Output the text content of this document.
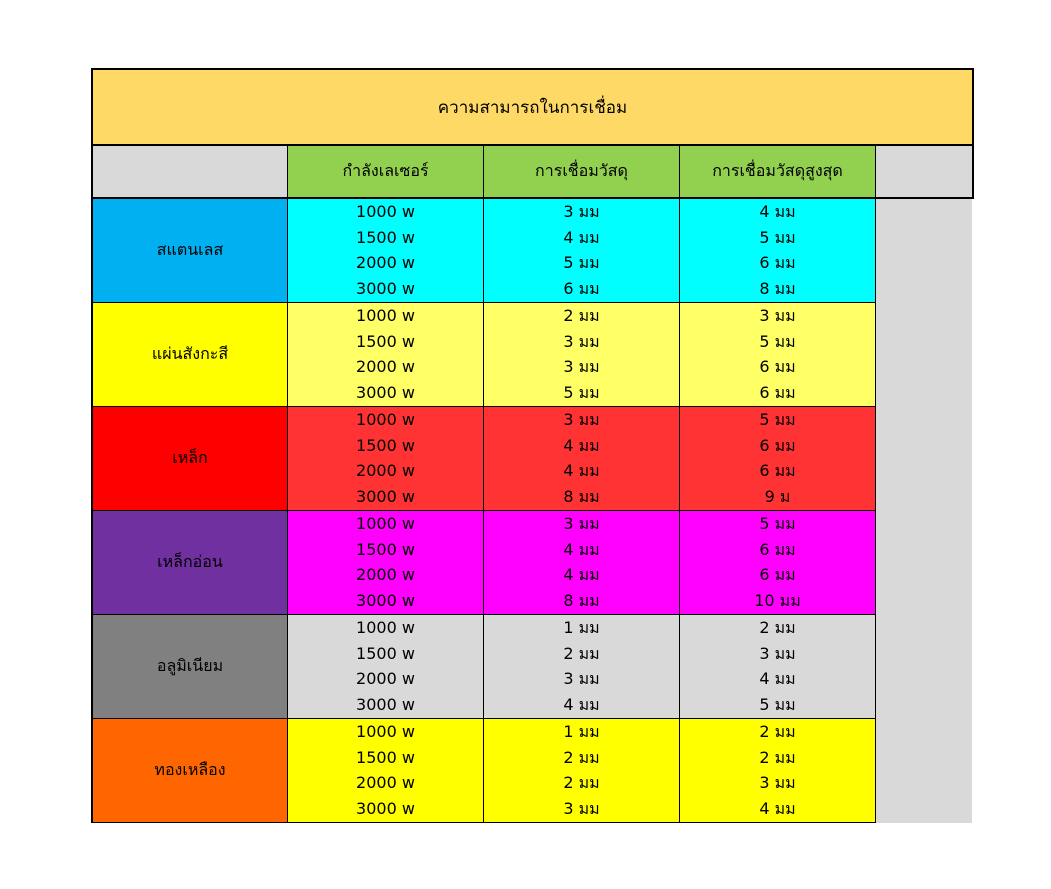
ความสามารถในการเชื่อม
กำลังเลเซอร์	การเชื่อมวัสดุ	การเชื่อมวัสดุสูงสุด
สแตนเลส
1000 w
1500 w
2000 w
3000 w
3 มม
4 มม
5 มม
6 มม
4 มม
5 มม
6 มม
8 มม
แผ่นสังกะสี
1000 w
1500 w
2000 w
3000 w
2 มม
3 มม
3 มม
5 มม
3 มม
5 มม
6 มม
6 มม
เหล็ก
1000 w
1500 w
2000 w
3000 w
3 มม
4 มม
4 มม
8 มม
5 มม
6 มม
6 มม
9 ม
เหล็กอ่อน
1000 w
1500 w
2000 w
3000 w
3 มม
4 มม
4 มม
8 มม
5 มม
6 มม
6 มม
10 มม
อลูมิเนียม
1000 w
1500 w
2000 w
3000 w
1 มม
2 มม
3 มม
4 มม
2 มม
3 มม
4 มม
5 มม
ทองเหลือง
1000 w
1500 w
2000 w
3000 w
1 มม
2 มม
2 มม
3 มม
2 มม
2 มม
3 มม
4 มม
